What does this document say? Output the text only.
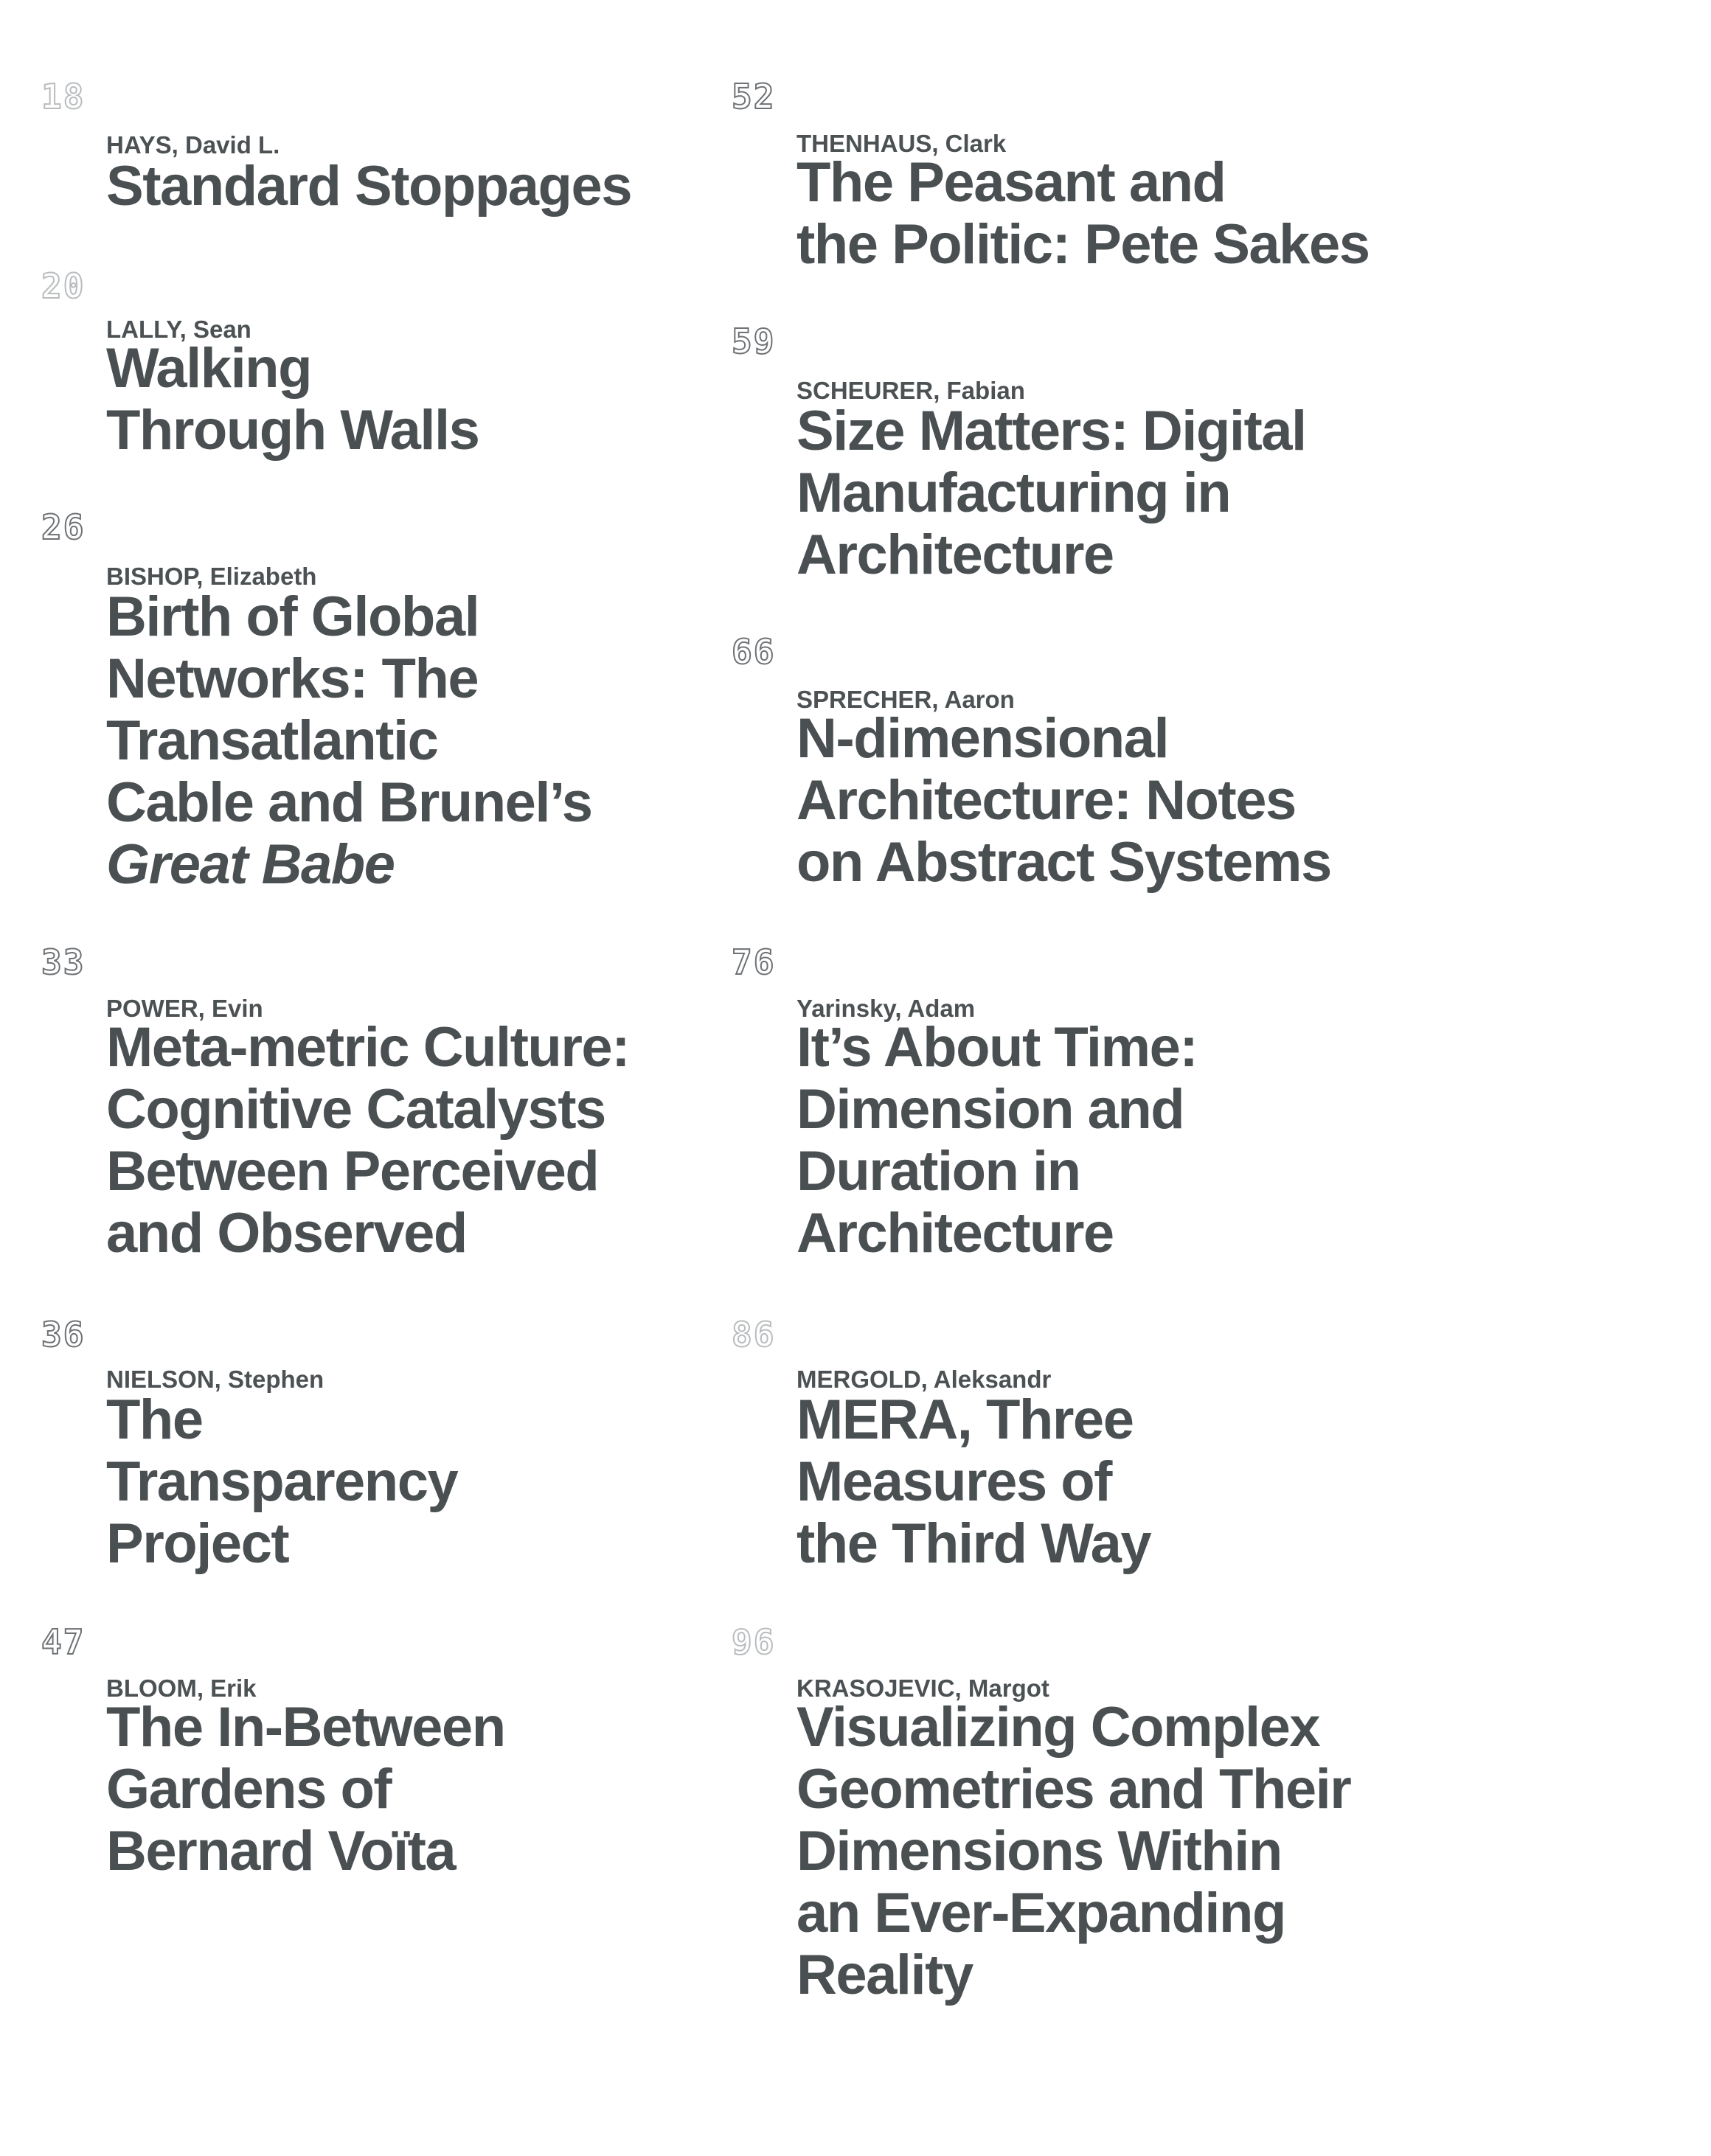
18
HAYS, David L.
Standard Stoppages
20
LALLY, Sean
Walking
Through Walls
26
BISHOP, Elizabeth
Birth of Global
Networks: The
Transatlantic
Cable and Brunel’s
Great Babe
33
POWER, Evin
Meta-metric Culture:
Cognitive Catalysts
Between Perceived
and Observed
36
NIELSON, Stephen
The
Transparency
Project
47
BLOOM, Erik
The In-Between
Gardens of
Bernard Voïta
52
THENHAUS, Clark
The Peasant and
the Politic: Pete Sakes
59
SCHEURER, Fabian
Size Matters: Digital
Manufacturing in
Architecture
66
SPRECHER, Aaron
N-dimensional
Architecture: Notes
on Abstract Systems
76
Yarinsky, Adam
It’s About Time:
Dimension and
Duration in
Architecture
86
MERGOLD, Aleksandr
MERA, Three
Measures of
the Third Way
96
KRASOJEVIC, Margot
Visualizing Complex
Geometries and Their
Dimensions Within
an Ever-Expanding
Reality
